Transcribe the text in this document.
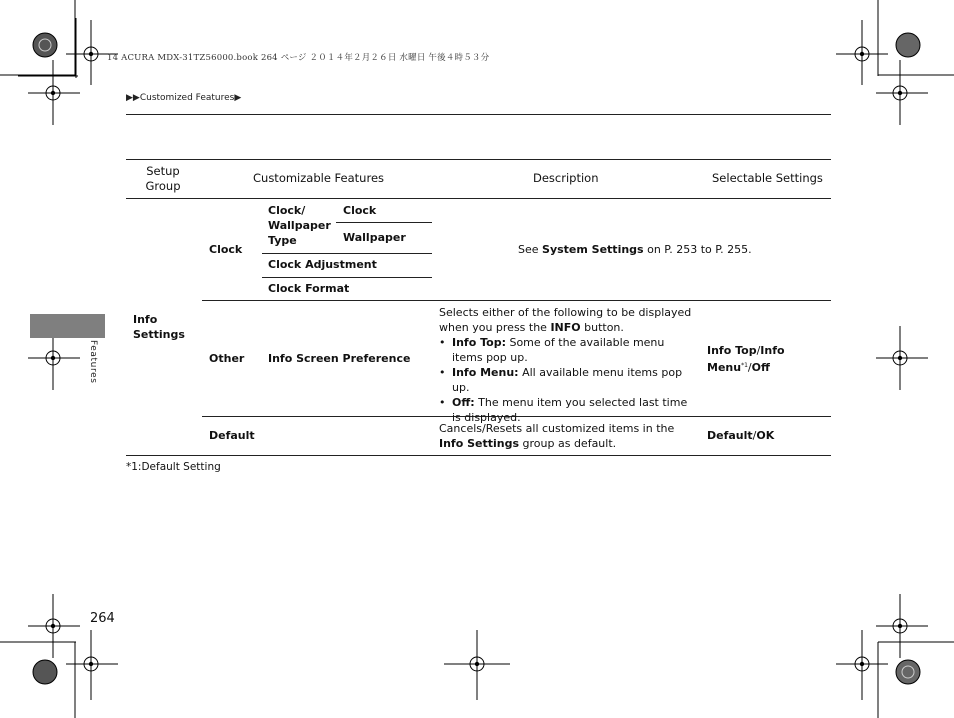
14 ACURA MDX-31TZ56000.book 264 ページ ２０１４年２月２６日 水曜日 午後４時５３分
▶▶Customized Features▶
Setup Group
Customizable Features	Description	Selectable Settings
Info Settings
Clock
Clock/ Wallpaper Type
Clock
Wallpaper
Clock Adjustment
Clock Format
See System Settings on P. 253 to P. 255.
Other Info Screen Preference
Selects either of the following to be displayed when you press the INFO button.
• Info Top: Some of the available menu items pop up.
• Info Menu: All available menu items pop up.
• Off: The menu item you selected last time is displayed.
Info Top/Info Menu$^{*1}$/Off
Default
Cancels/Resets all customized items in the Info Settings group as default.
Default/OK
*1:Default Setting
Features
264
